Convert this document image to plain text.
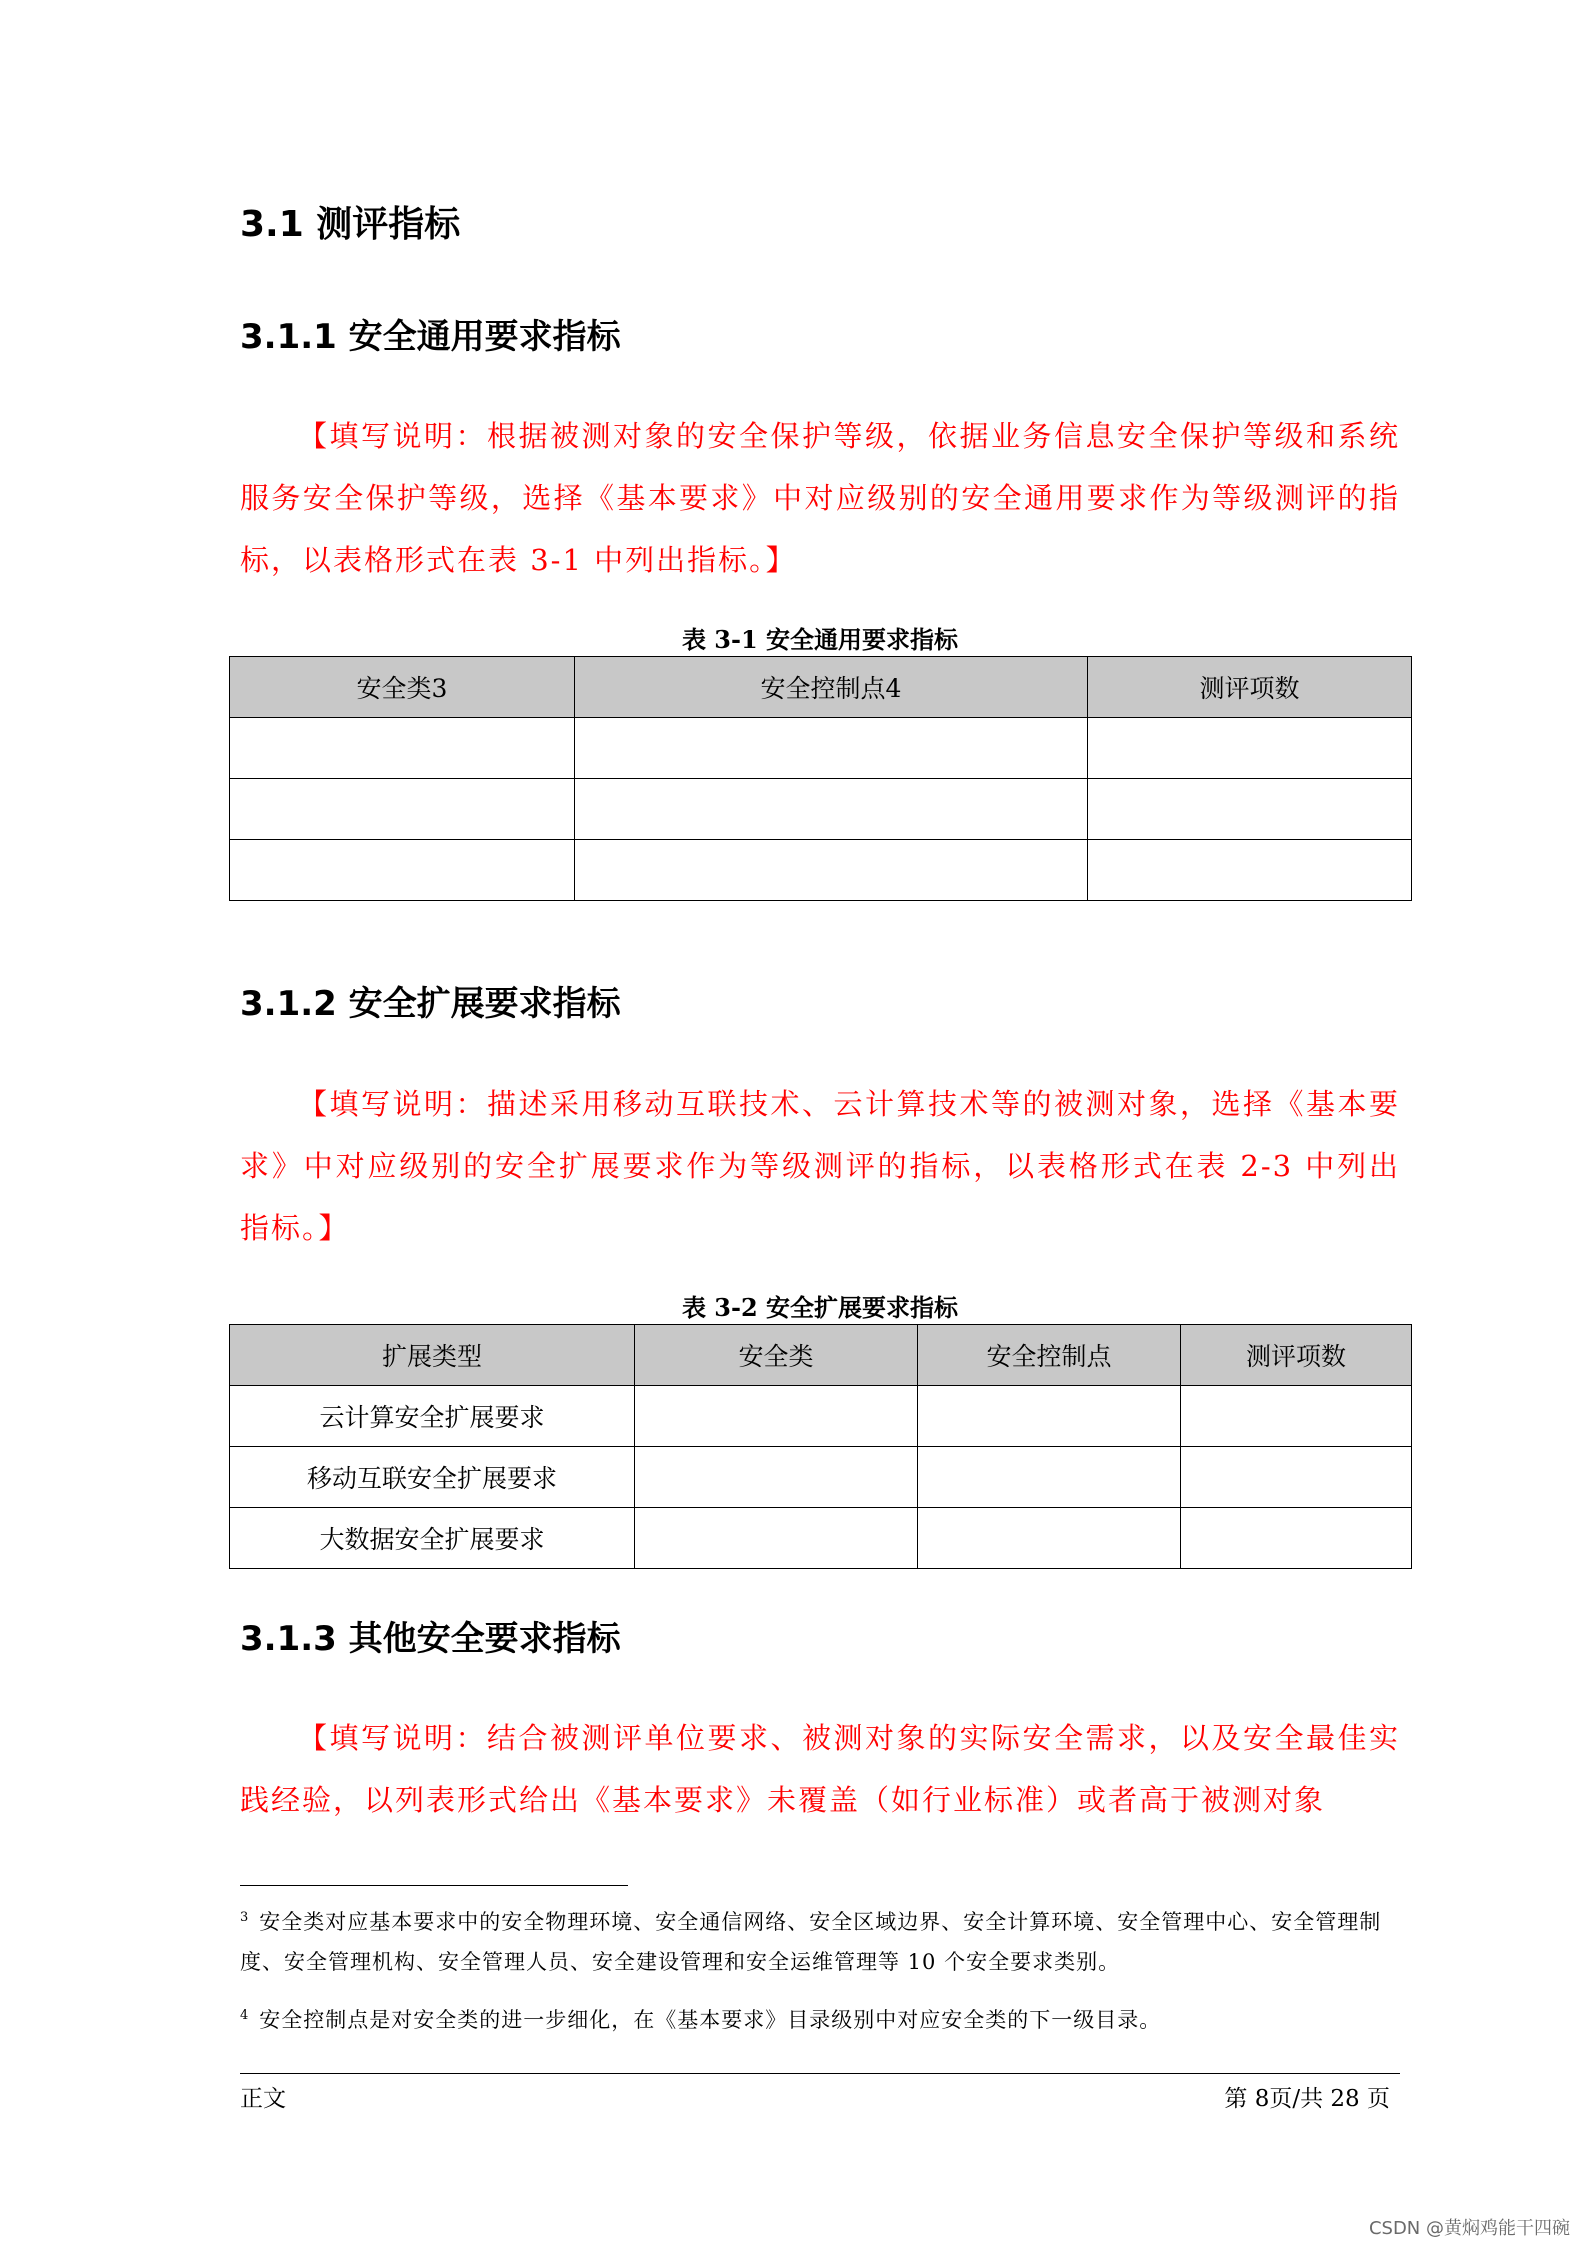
3.1 测评指标
3.1.1 安全通用要求指标
【填写说明：根据被测对象的安全保护等级，依据业务信息安全保护等级和系统服务安全保护等级，选择《基本要求》中对应级别的安全通用要求作为等级测评的指标，以表格形式在表 3-1 中列出指标。】
表 3-1 安全通用要求指标
安全类3	安全控制点4	测评项数

3.1.2 安全扩展要求指标
【填写说明：描述采用移动互联技术、云计算技术等的被测对象，选择《基本要求》中对应级别的安全扩展要求作为等级测评的指标，以表格形式在表 2-3 中列出指标。】
表 3-2 安全扩展要求指标
扩展类型	安全类	安全控制点	测评项数
云计算安全扩展要求			
移动互联安全扩展要求			
大数据安全扩展要求			
3.1.3 其他安全要求指标
【填写说明：结合被测评单位要求、被测对象的实际安全需求，以及安全最佳实践经验，以列表形式给出《基本要求》未覆盖（如行业标准）或者高于被测对象
$^3$ 安全类对应基本要求中的安全物理环境、安全通信网络、安全区域边界、安全计算环境、安全管理中心、安全管理制度、安全管理机构、安全管理人员、安全建设管理和安全运维管理等 10 个安全要求类别。
$^4$ 安全控制点是对安全类的进一步细化，在《基本要求》目录级别中对应安全类的下一级目录。
正文	第 8页/共 28 页
CSDN @黄焖鸡能干四碗
